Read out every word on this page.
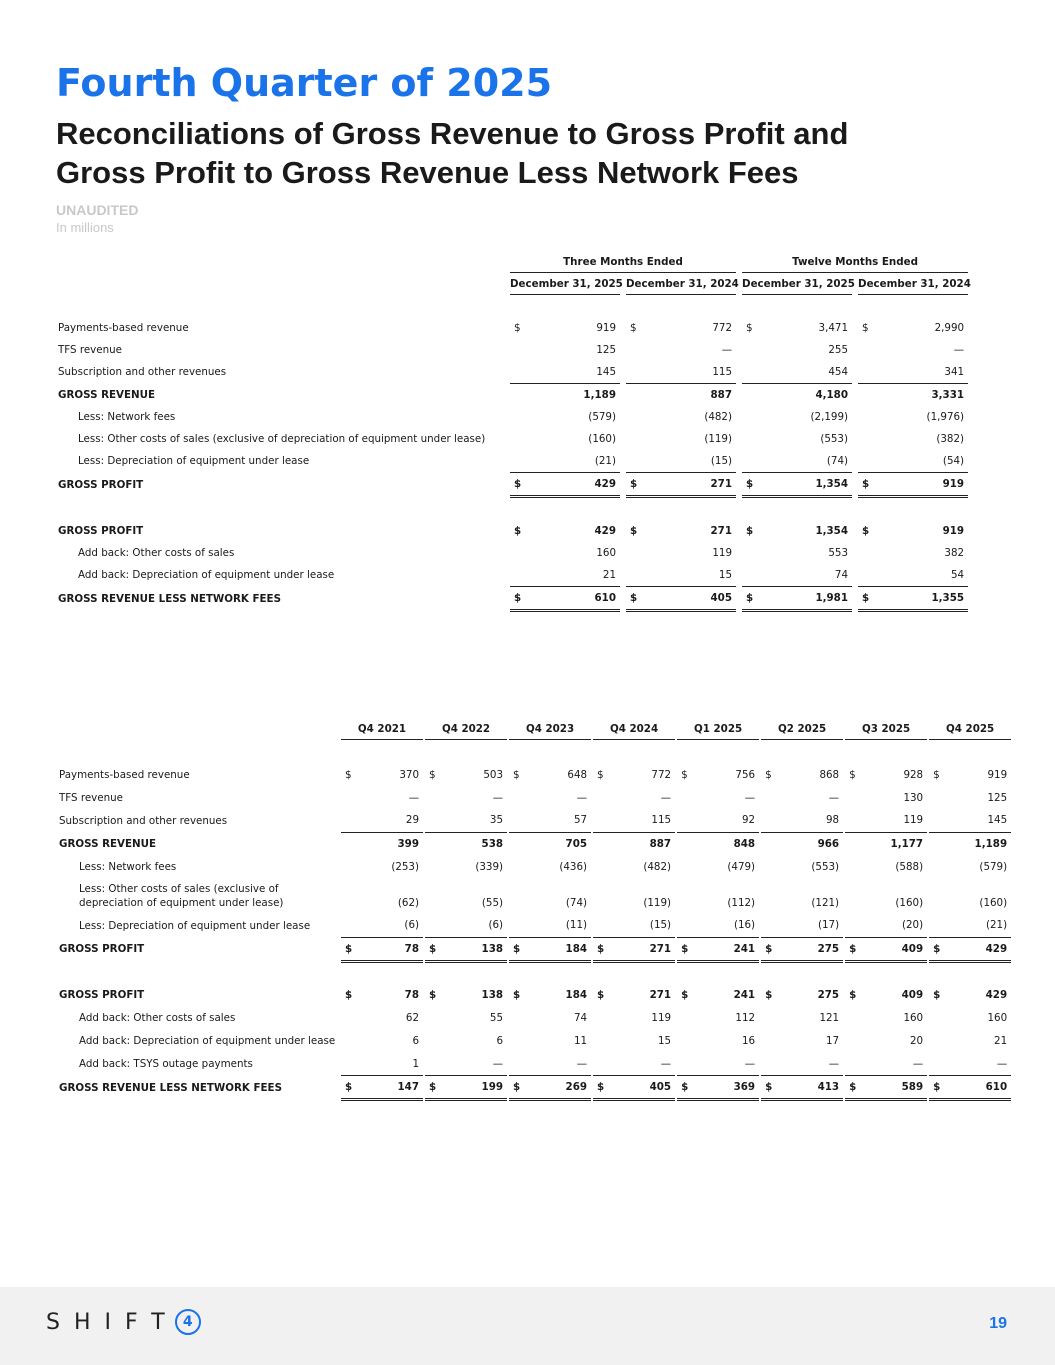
Fourth Quarter of 2025
Reconciliations of Gross Revenue to Gross Profit and
Gross Profit to Gross Revenue Less Network Fees
UNAUDITED
In millions
	Three Months Ended						Twelve Months Ended				
	December 31, 2025			December 31, 2024			December 31, 2025			December 31, 2024	

Payments-based revenue	$	919		$	772		$	3,471		$	2,990
TFS revenue		125			—			255			—
Subscription and other revenues		145			115			454			341
GROSS REVENUE		1,189			887			4,180			3,331
Less: Network fees		(579)			(482)			(2,199)			(1,976)
Less: Other costs of sales (exclusive of depreciation of equipment under lease)		(160)			(119)			(553)			(382)
Less: Depreciation of equipment under lease		(21)			(15)			(74)			(54)
GROSS PROFIT	$	429		$	271		$	1,354		$	919

GROSS PROFIT	$	429		$	271		$	1,354		$	919
Add back: Other costs of sales		160			119			553			382
Add back: Depreciation of equipment under lease		21			15			74			54
GROSS REVENUE LESS NETWORK FEES	$	610		$	405		$	1,981		$	1,355
	Q4 2021			Q4 2022			Q4 2023			Q4 2024			Q1 2025			Q2 2025			Q3 2025			Q4 2025	

Payments-based revenue	$	370		$	503		$	648		$	772		$	756		$	868		$	928		$	919
TFS revenue		—			—			—			—			—			—			130			125
Subscription and other revenues		29			35			57			115			92			98			119			145
GROSS REVENUE		399			538			705			887			848			966			1,177			1,189
Less: Network fees		(253)			(339)			(436)			(482)			(479)			(553)			(588)			(579)
Less: Other costs of sales (exclusive of depreciation of equipment under lease)		(62)			(55)			(74)			(119)			(112)			(121)			(160)			(160)
Less: Depreciation of equipment under lease		(6)			(6)			(11)			(15)			(16)			(17)			(20)			(21)
GROSS PROFIT	$	78		$	138		$	184		$	271		$	241		$	275		$	409		$	429

GROSS PROFIT	$	78		$	138		$	184		$	271		$	241		$	275		$	409		$	429
Add back: Other costs of sales		62			55			74			119			112			121			160			160
Add back: Depreciation of equipment under lease		6			6			11			15			16			17			20			21
Add back: TSYS outage payments		1			—			—			—			—			—			—			—
GROSS REVENUE LESS NETWORK FEES	$	147		$	199		$	269		$	405		$	369		$	413		$	589		$	610
SHIFT 4	19
